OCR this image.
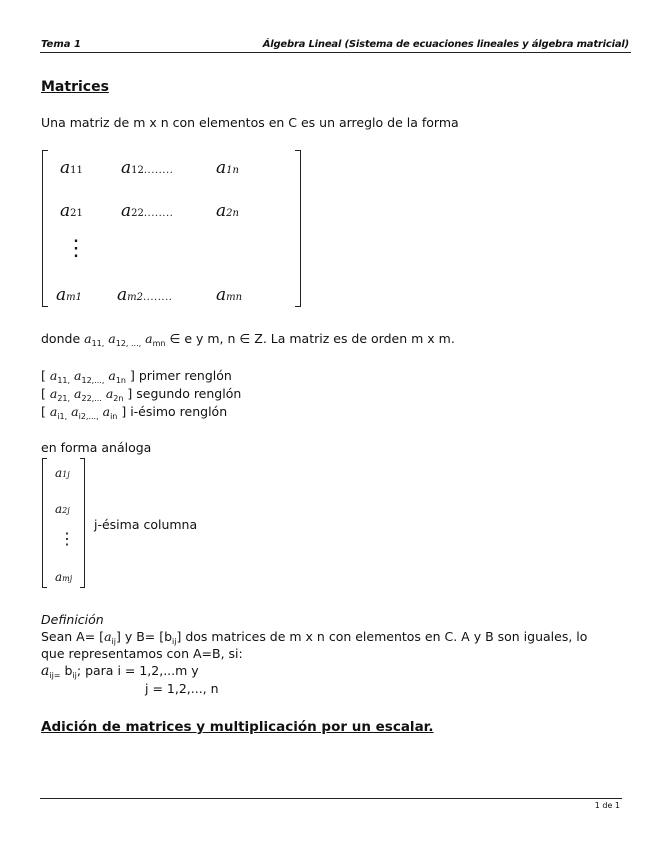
Tema 1	Álgebra Lineal (Sistema de ecuaciones lineales y álgebra matricial)
Matrices
Una matriz de m x n con elementos en C es un arreglo de la forma
a11 a12........	a1n
a21 a22........	a2n
⋮
am1 am2........	amn
donde $a_{11,}$ $a_{12, ...,}$ $a_{mn}$ ∈ e y m, n ∈ Z. La matriz es de orden m x m.
[ $a_{11,}$ $a_{12,...,}$ $a_{1n}$ ] primer renglón
[ $a_{21,}$ $a_{22,...}$ $a_{2n}$ ] segundo renglón
[ $a_{i1,}$ $a_{i2,...,}$ $a_{in}$ ] i-ésimo renglón
en forma análoga
a1j
a2j
⋮
amj
j-ésima columna
Definición
Sean $A= [a_{ij}]$ y $B= [b_{ij}]$ dos matrices de m x n con elementos en C. A y B son iguales, lo
que representamos con A=B, si:
$a_{ij=}$ $b_{ij}$; para i = 1,2,...m y
j = 1,2,..., n
Adición de matrices y multiplicación por un escalar.
1 de 1
